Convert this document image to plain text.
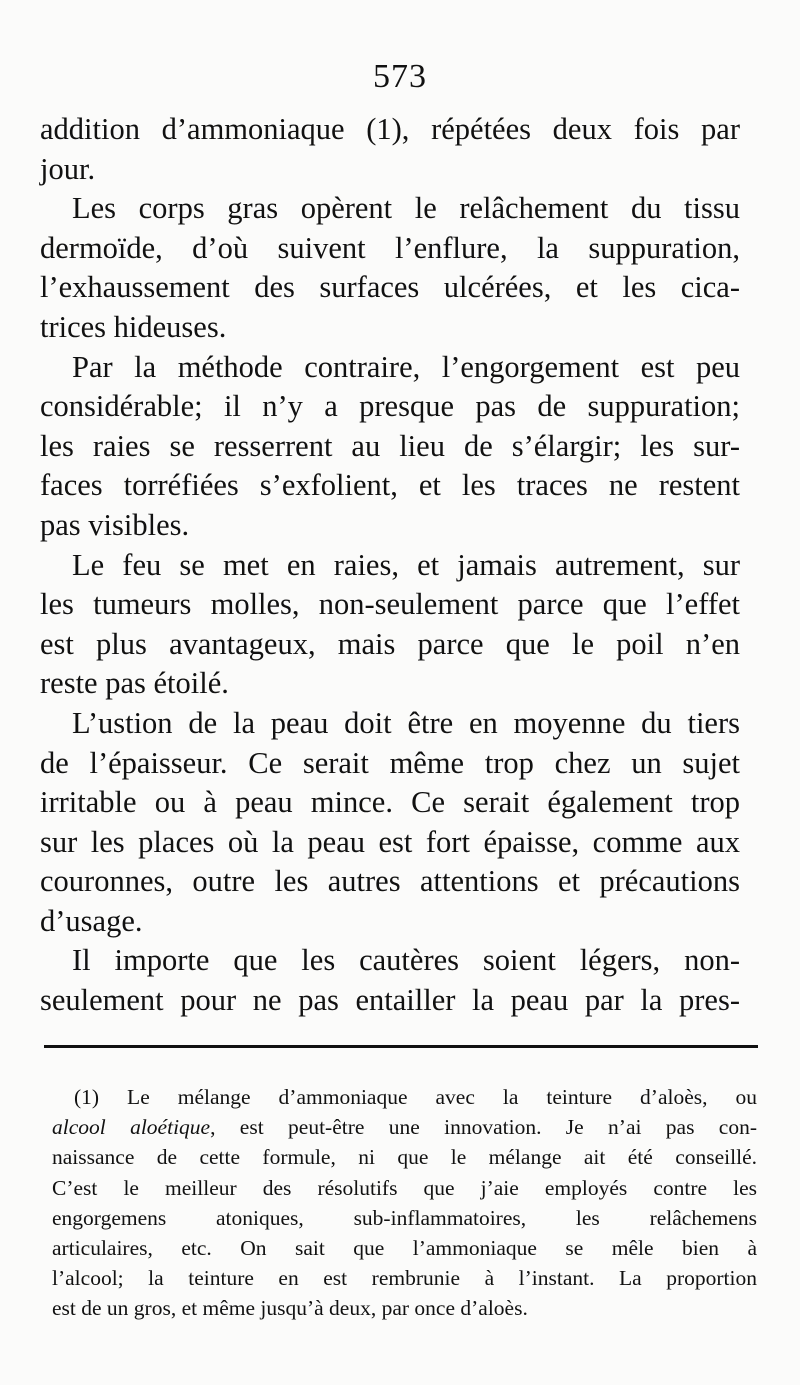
573
addition d’ammoniaque (1), répétées deux fois par
jour.
Les corps gras opèrent le relâchement du tissu
dermoïde, d’où suivent l’enflure, la suppuration,
l’exhaussement des surfaces ulcérées, et les cica-
trices hideuses.
Par la méthode contraire, l’engorgement est peu
considérable; il n’y a presque pas de suppuration;
les raies se resserrent au lieu de s’élargir; les sur-
faces torréfiées s’exfolient, et les traces ne restent
pas visibles.
Le feu se met en raies, et jamais autrement, sur
les tumeurs molles, non-seulement parce que l’effet
est plus avantageux, mais parce que le poil n’en
reste pas étoilé.
L’ustion de la peau doit être en moyenne du tiers
de l’épaisseur. Ce serait même trop chez un sujet
irritable ou à peau mince. Ce serait également trop
sur les places où la peau est fort épaisse, comme aux
couronnes, outre les autres attentions et précautions
d’usage.
Il importe que les cautères soient légers, non-
seulement pour ne pas entailler la peau par la pres-
(1) Le mélange d’ammoniaque avec la teinture d’aloès, ou
alcool aloétique, est peut-être une innovation. Je n’ai pas con-
naissance de cette formule, ni que le mélange ait été conseillé.
C’est le meilleur des résolutifs que j’aie employés contre les
engorgemens atoniques, sub-inflammatoires, les relâchemens
articulaires, etc. On sait que l’ammoniaque se mêle bien à
l’alcool; la teinture en est rembrunie à l’instant. La proportion
est de un gros, et même jusqu’à deux, par once d’aloès.
